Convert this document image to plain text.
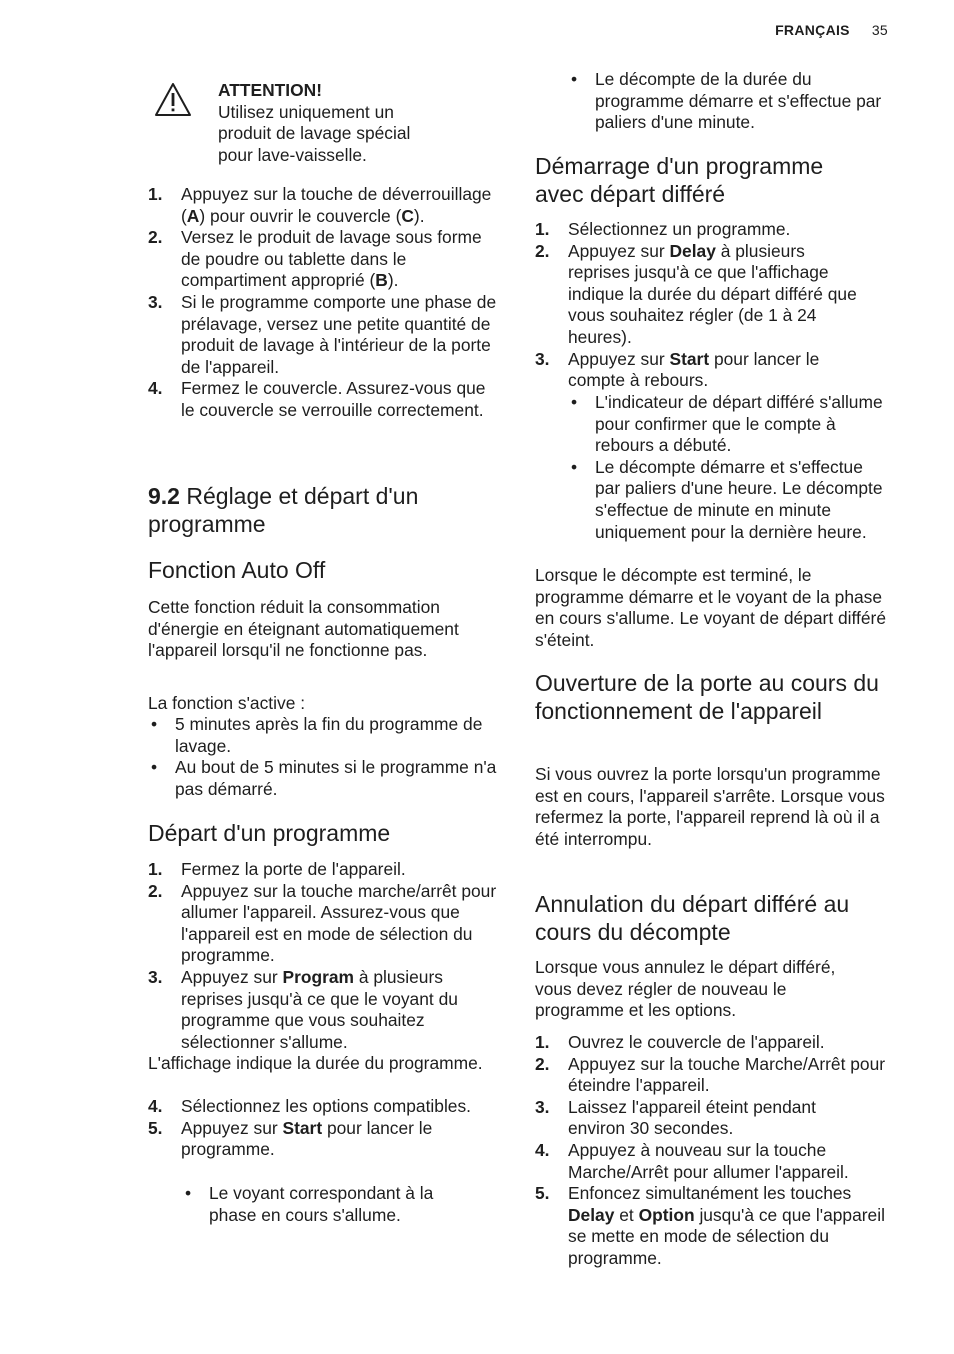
FRANÇAIS 35
ATTENTION!
Utilisez uniquement un produit de lavage spécial pour lave-vaisselle.
1. Appuyez sur la touche de déverrouillage (A) pour ouvrir le couvercle (C).
2. Versez le produit de lavage sous forme de poudre ou tablette dans le compartiment approprié (B).
3. Si le programme comporte une phase de prélavage, versez une petite quantité de produit de lavage à l'intérieur de la porte de l'appareil.
4. Fermez le couvercle. Assurez-vous que le couvercle se verrouille correctement.
9.2 Réglage et départ d'un programme
Fonction Auto Off

Cette fonction réduit la consommation d'énergie en éteignant automatiquement l'appareil lorsqu'il ne fonctionne pas.

La fonction s'active :

• 5 minutes après la fin du programme de lavage.
• Au bout de 5 minutes si le programme n'a pas démarré.
Départ d'un programme
1. Fermez la porte de l'appareil.
2. Appuyez sur la touche marche/arrêt pour allumer l'appareil. Assurez-vous que l'appareil est en mode de sélection du programme.
3. Appuyez sur Program à plusieurs reprises jusqu'à ce que le voyant du programme que vous souhaitez sélectionner s'allume.

L'affichage indique la durée du programme.

4. Sélectionnez les options compatibles.
5. Appuyez sur Start pour lancer le programme.
• Le voyant correspondant à la phase en cours s'allume.
• Le décompte de la durée du programme démarre et s'effectue par paliers d'une minute.
Démarrage d'un programme avec départ différé
1. Sélectionnez un programme.
2. Appuyez sur Delay à plusieurs reprises jusqu'à ce que l'affichage indique la durée du départ différé que vous souhaitez régler (de 1 à 24 heures).
3. Appuyez sur Start pour lancer le compte à rebours.
• L'indicateur de départ différé s'allume pour confirmer que le compte à rebours a débuté.
• Le décompte démarre et s'effectue par paliers d'une heure. Le décompte s'effectue de minute en minute uniquement pour la dernière heure.

Lorsque le décompte est terminé, le programme démarre et le voyant de la phase en cours s'allume. Le voyant de départ différé s'éteint.

Ouverture de la porte au cours du fonctionnement de l'appareil

Si vous ouvrez la porte lorsqu'un programme est en cours, l'appareil s'arrête. Lorsque vous refermez la porte, l'appareil reprend là où il a été interrompu.

Annulation du départ différé au cours du décompte

Lorsque vous annulez le départ différé, vous devez régler de nouveau le programme et les options.

1. Ouvrez le couvercle de l'appareil.
2. Appuyez sur la touche Marche/Arrêt pour éteindre l'appareil.
3. Laissez l'appareil éteint pendant environ 30 secondes.
4. Appuyez à nouveau sur la touche Marche/Arrêt pour allumer l'appareil.
5. Enfoncez simultanément les touches Delay et Option jusqu'à ce que l'appareil se mette en mode de sélection du programme.
